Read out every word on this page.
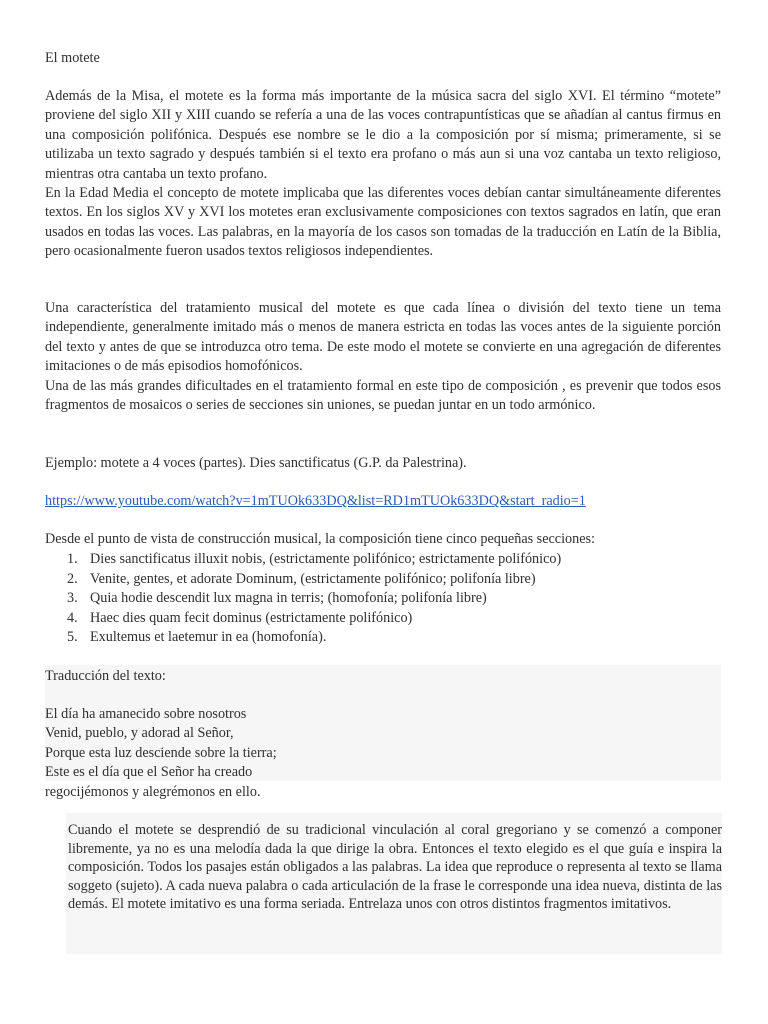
El motete
Además de la Misa, el motete es la forma más importante de la música sacra del siglo XVI. El término “motete” proviene del siglo XII y XIII cuando se refería a una de las voces contrapuntísticas que se añadían al cantus firmus en una composición polifónica. Después ese nombre se le dio a la composición por sí misma; primeramente, si se utilizaba un texto sagrado y después también si el texto era profano o más aun si una voz cantaba un texto religioso, mientras otra cantaba un texto profano.
En la Edad Media el concepto de motete implicaba que las diferentes voces debían cantar simultáneamente diferentes textos. En los siglos XV y XVI los motetes eran exclusivamente composiciones con textos sagrados en latín, que eran usados en todas las voces. Las palabras, en la mayoría de los casos son tomadas de la traducción en Latín de la Biblia, pero ocasionalmente fueron usados textos religiosos independientes.
Una característica del tratamiento musical del motete es que cada línea o división del texto tiene un tema independiente, generalmente imitado más o menos de manera estricta en todas las voces antes de la siguiente porción del texto y antes de que se introduzca otro tema. De este modo el motete se convierte en una agregación de diferentes imitaciones o de más episodios homofónicos.
Una de las más grandes dificultades en el tratamiento formal en este tipo de composición , es prevenir que todos esos fragmentos de mosaicos o series de secciones sin uniones, se puedan juntar en un todo armónico.
Ejemplo: motete a 4 voces (partes). Dies sanctificatus (G.P. da Palestrina).
https://www.youtube.com/watch?v=1mTUOk633DQ&list=RD1mTUOk633DQ&start_radio=1
Desde el punto de vista de construcción musical, la composición tiene cinco pequeñas secciones:
1. Dies sanctificatus illuxit nobis, (estrictamente polifónico; estrictamente polifónico)
2. Venite, gentes, et adorate Dominum, (estrictamente polifónico; polifonía libre)
3. Quia hodie descendit lux magna in terris; (homofonía; polifonía libre)
4. Haec dies quam fecit dominus (estrictamente polifónico)
5. Exultemus et laetemur in ea (homofonía).
Traducción del texto:
El día ha amanecido sobre nosotros
Venid, pueblo, y adorad al Señor,
Porque esta luz desciende sobre la tierra;
Este es el día que el Señor ha creado
regocijémonos y alegrémonos en ello.
Cuando el motete se desprendió de su tradicional vinculación al coral gregoriano y se comenzó a componer libremente, ya no es una melodía dada la que dirige la obra. Entonces el texto elegido es el que guía e inspira la composición. Todos los pasajes están obligados a las palabras. La idea que reproduce o representa al texto se llama soggeto (sujeto). A cada nueva palabra o cada articulación de la frase le corresponde una idea nueva, distinta de las demás. El motete imitativo es una forma seriada. Entrelaza unos con otros distintos fragmentos imitativos.
